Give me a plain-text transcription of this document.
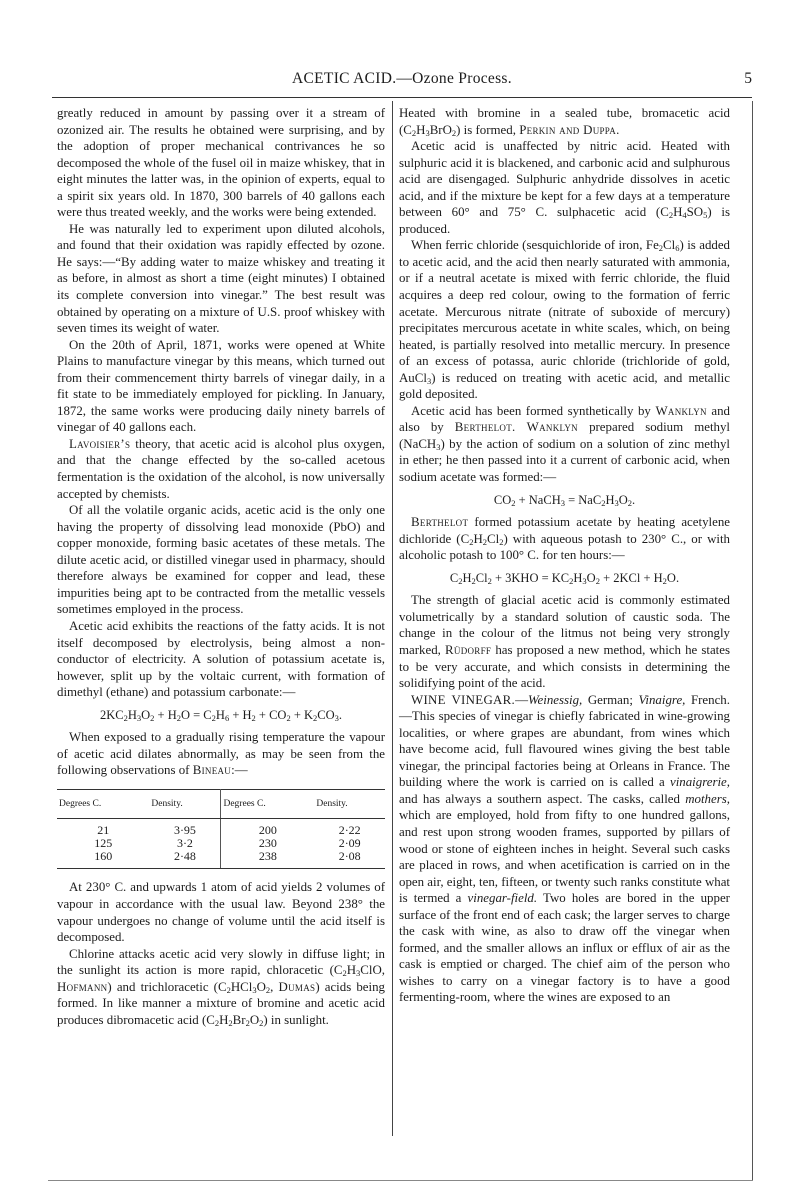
ACETIC ACID.—Ozone Process.	5

greatly reduced in amount by passing over it a stream of ozonized air. The results he obtained were surprising, and by the adoption of proper mechanical contrivances he so decomposed the whole of the fusel oil in maize whiskey, that in eight minutes the latter was, in the opinion of experts, equal to a spirit six years old. In 1870, 300 barrels of 40 gallons each were thus treated weekly, and the works were being extended.

He was naturally led to experiment upon diluted alcohols, and found that their oxidation was rapidly effected by ozone. He says:—“By adding water to maize whiskey and treating it as before, in almost as short a time (eight minutes) I obtained its complete conversion into vinegar.” The best result was obtained by operating on a mixture of U.S. proof whiskey with seven times its weight of water.

On the 20th of April, 1871, works were opened at White Plains to manufacture vinegar by this means, which turned out from their commencement thirty barrels of vinegar daily, in a fit state to be immediately employed for pickling. In January, 1872, the same works were producing daily ninety barrels of vinegar of 40 gallons each.

Lavoisier’s theory, that acetic acid is alcohol plus oxygen, and that the change effected by the so-called acetous fermentation is the oxidation of the alcohol, is now universally accepted by chemists.

Of all the volatile organic acids, acetic acid is the only one having the property of dissolving lead monoxide (PbO) and copper monoxide, forming basic acetates of these metals. The dilute acetic acid, or distilled vinegar used in pharmacy, should therefore always be examined for copper and lead, these impurities being apt to be contracted from the metallic vessels sometimes employed in the process.

Acetic acid exhibits the reactions of the fatty acids. It is not itself decomposed by electrolysis, being almost a non-conductor of electricity. A solution of potassium acetate is, however, split up by the voltaic current, with formation of dimethyl (ethane) and potassium carbonate:—

$2KC_2H_3O_2 + H_2O = C_2H_6 + H_2 + CO_2 + K_2CO_3$.

When exposed to a gradually rising temperature the vapour of acetic acid dilates abnormally, as may be seen from the following observations of Bineau:—

Degrees C.	Density.	Degrees C.	Density.
21	3·95	200	2·22
125	3·2	230	2·09
160	2·48	238	2·08

At 230° C. and upwards 1 atom of acid yields 2 volumes of vapour in accordance with the usual law. Beyond 238° the vapour undergoes no change of volume until the acid itself is decomposed.

Chlorine attacks acetic acid very slowly in diffuse light; in the sunlight its action is more rapid, chloracetic ($C_2H_3ClO$, Hofmann) and trichloracetic ($C_2HCl_3O_2$, Dumas) acids being formed. In like manner a mixture of bromine and acetic acid produces dibromacetic acid $(C_2H_2Br_2O_2)$ in sunlight.

Heated with bromine in a sealed tube, bromacetic acid $(C_2H_3BrO_2)$ is formed, Perkin and Duppa.

Acetic acid is unaffected by nitric acid. Heated with sulphuric acid it is blackened, and carbonic acid and sulphurous acid are disengaged. Sulphuric anhydride dissolves in acetic acid, and if the mixture be kept for a few days at a temperature between 60° and 75° C. sulphacetic acid $(C_2H_4SO_5)$ is produced.

When ferric chloride (sesquichloride of iron, $Fe_2Cl_6$) is added to acetic acid, and the acid then nearly saturated with ammonia, or if a neutral acetate is mixed with ferric chloride, the fluid acquires a deep red colour, owing to the formation of ferric acetate. Mercurous nitrate (nitrate of suboxide of mercury) precipitates mercurous acetate in white scales, which, on being heated, is partially resolved into metallic mercury. In presence of an excess of potassa, auric chloride (trichloride of gold, AuCl$_3$) is reduced on treating with acetic acid, and metallic gold deposited.

Acetic acid has been formed synthetically by Wanklyn and also by Berthelot. Wanklyn prepared sodium methyl (NaCH$_3$) by the action of sodium on a solution of zinc methyl in ether; he then passed into it a current of carbonic acid, when sodium acetate was formed:—

$CO_2$ + NaCH$_3$ = $NaC_2H_3O_2$.

Berthelot formed potassium acetate by heating acetylene dichloride $(C_2H_2Cl_2)$ with aqueous potash to 230° C., or with alcoholic potash to 100° C. for ten hours:—

$C_2H_2Cl_2 + 3KHO = KC_2H_3O_2 + 2KCl + H_2O$.

The strength of glacial acetic acid is commonly estimated volumetrically by a standard solution of caustic soda. The change in the colour of the litmus not being very strongly marked, Rüdorff has proposed a new method, which he states to be very accurate, and which consists in determining the solidifying point of the acid.

WINE VINEGAR.—Weinessig, German; Vinaigre, French.—This species of vinegar is chiefly fabricated in wine-growing localities, or where grapes are abundant, from wines which have become acid, full flavoured wines giving the best table vinegar, the principal factories being at Orleans in France. The building where the work is carried on is called a vinaigrerie, and has always a southern aspect. The casks, called mothers, which are employed, hold from fifty to one hundred gallons, and rest upon strong wooden frames, supported by pillars of wood or stone of eighteen inches in height. Several such casks are placed in rows, and when acetification is carried on in the open air, eight, ten, fifteen, or twenty such ranks constitute what is termed a vinegar-field. Two holes are bored in the upper surface of the front end of each cask; the larger serves to charge the cask with wine, as also to draw off the vinegar when formed, and the smaller allows an influx or efflux of air as the cask is emptied or charged. The chief aim of the person who wishes to carry on a vinegar factory is to have a good fermenting-room, where the wines are exposed to an
